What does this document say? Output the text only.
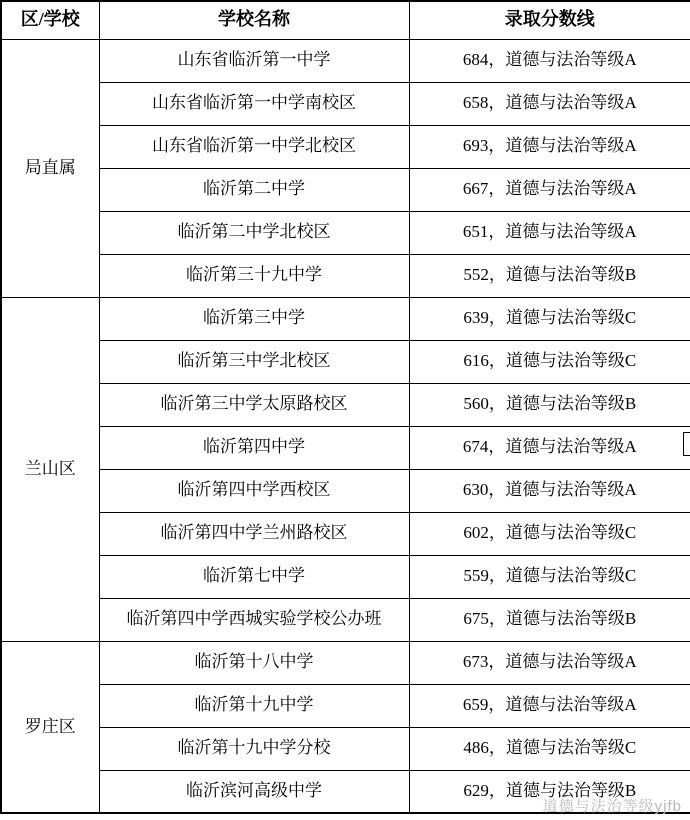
区/学校	学校名称	录取分数线
局直属	山东省临沂第一中学	684，道德与法治等级A
	山东省临沂第一中学南校区	658，道德与法治等级A
	山东省临沂第一中学北校区	693，道德与法治等级A
	临沂第二中学	667，道德与法治等级A
	临沂第二中学北校区	651，道德与法治等级A
	临沂第三十九中学	552，道德与法治等级B
兰山区	临沂第三中学	639，道德与法治等级C
	临沂第三中学北校区	616，道德与法治等级C
	临沂第三中学太原路校区	560，道德与法治等级B
	临沂第四中学	674，道德与法治等级A
	临沂第四中学西校区	630，道德与法治等级A
	临沂第四中学兰州路校区	602，道德与法治等级C
	临沂第七中学	559，道德与法治等级C
	临沂第四中学西城实验学校公办班	675，道德与法治等级B
罗庄区	临沂第十八中学	673，道德与法治等级A
	临沂第十九中学	659，道德与法治等级A
	临沂第十九中学分校	486，道德与法治等级C
	临沂滨河高级中学	629，道德与法治等级B
道德与法治等级yjfb
